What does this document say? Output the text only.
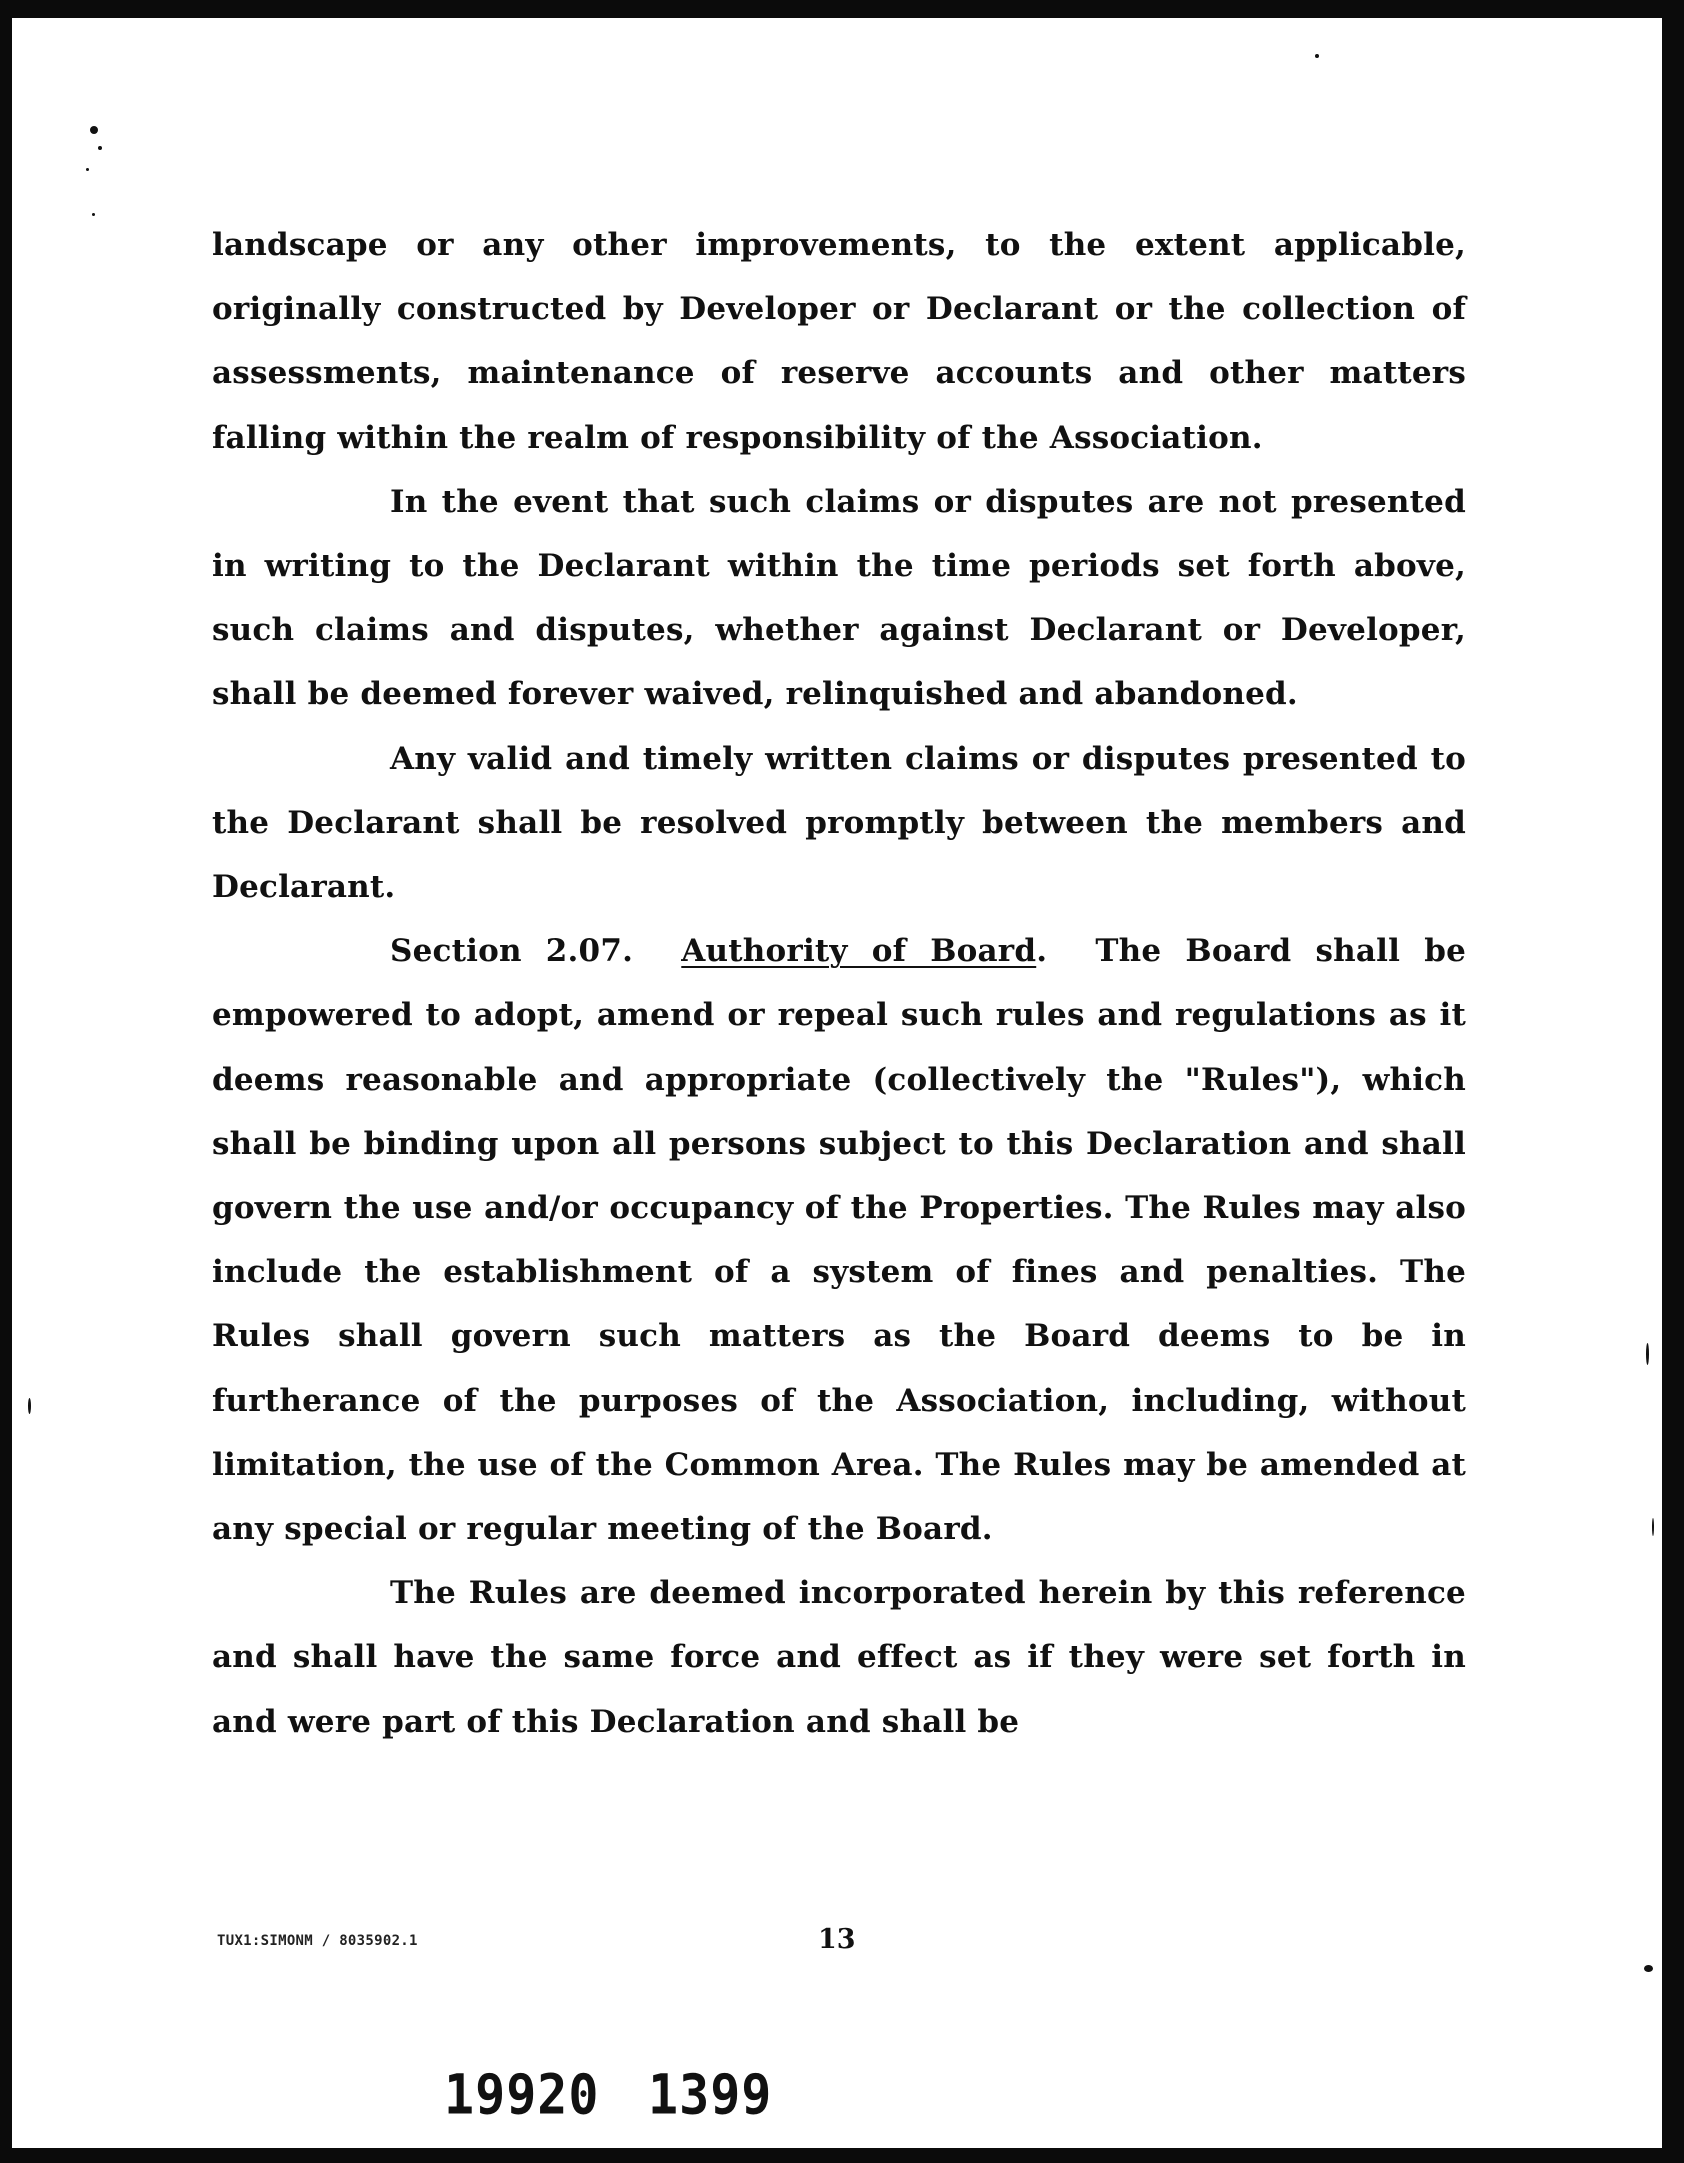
landscape or any other improvements, to the extent applicable, originally constructed by Developer or Declarant or the collection of assessments, maintenance of reserve accounts and other matters falling within the realm of responsibility of the Association.

In the event that such claims or disputes are not presented in writing to the Declarant within the time periods set forth above, such claims and disputes, whether against Declarant or Developer, shall be deemed forever waived, relinquished and abandoned.

Any valid and timely written claims or disputes presented to the Declarant shall be resolved promptly between the members and Declarant.

Section 2.07. Authority of Board. The Board shall be empowered to adopt, amend or repeal such rules and regulations as it deems reasonable and appropriate (collectively the "Rules"), which shall be binding upon all persons subject to this Declaration and shall govern the use and/or occupancy of the Properties. The Rules may also include the establishment of a system of fines and penalties. The Rules shall govern such matters as the Board deems to be in furtherance of the purposes of the Association, including, without limitation, the use of the Common Area. The Rules may be amended at any special or regular meeting of the Board.

The Rules are deemed incorporated herein by this reference and shall have the same force and effect as if they were set forth in and were part of this Declaration and shall be

TUX1:SIMONM / 8035902.1	13
19920 1399
